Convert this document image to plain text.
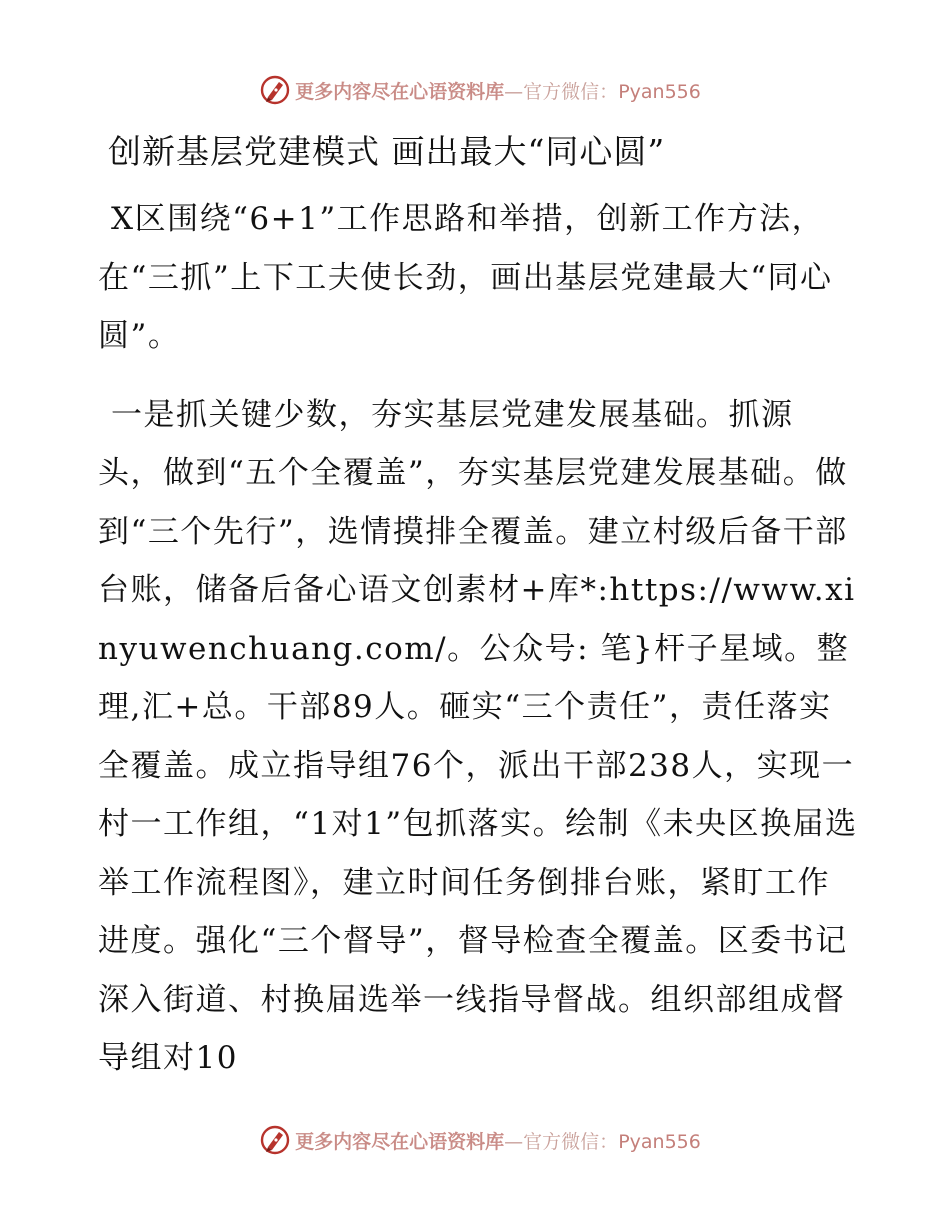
更多内容尽在心语资料库—官方微信：Pyan556
创新基层党建模式 画出最大“同心圆”

X区围绕“6+1”工作思路和举措，创新工作方法，在“三抓”上下工夫使长劲，画出基层党建最大“同心圆”。

一是抓关键少数，夯实基层党建发展基础。抓源头，做到“五个全覆盖”，夯实基层党建发展基础。做到“三个先行”，选情摸排全覆盖。建立村级后备干部台账，储备后备心语文创素材+库*:https://www.xinyuwenchuang.com/。公众号: 笔}杆子星域。整理,汇+总。干部89人。砸实“三个责任”，责任落实全覆盖。成立指导组76个，派出干部238人，实现一村一工作组，“1对1”包抓落实。绘制《未央区换届选举工作流程图》，建立时间任务倒排台账，紧盯工作进度。强化“三个督导”，督导检查全覆盖。区委书记深入街道、村换届选举一线指导督战。组织部组成督导组对10

更多内容尽在心语资料库—官方微信：Pyan556
